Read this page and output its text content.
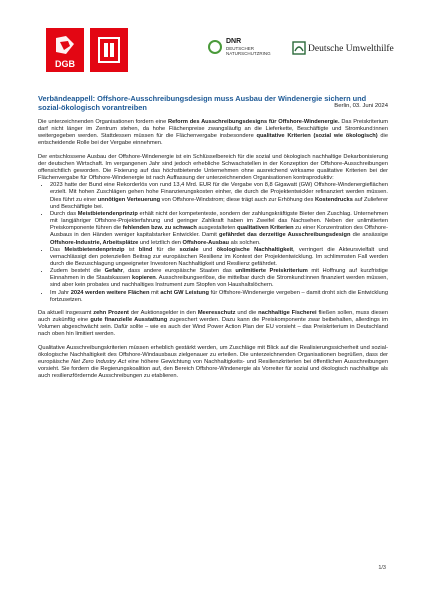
DGB
DNR
DEUTSCHER NATURSCHUTZRING	Deutsche Umwelthilfe
Verbändeappell: Offshore-Ausschreibungsdesign muss Ausbau der Windenergie sichern und sozial-ökologisch vorantreiben	Berlin, 03. Juni 2024

Die unterzeichnenden Organisationen fordern eine Reform des Ausschreibungsdesigns für Offshore-Windenergie. Das Preiskriterium darf nicht länger im Zentrum stehen, da hohe Flächenpreise zwangsläufig an die Lieferkette, Beschäftigte und Stromkund:innen weitergegeben werden. Stattdessen müssen für die Flächenvergabe insbesondere qualitative Kriterien (sozial wie ökologisch) die entscheidende Rolle bei der Vergabe einnehmen.

Der entschlossene Ausbau der Offshore-Windenergie ist ein Schlüsselbereich für die sozial und ökologisch nachhaltige Dekarbonisierung der deutschen Wirtschaft. Im vergangenen Jahr sind jedoch erhebliche Schwachstellen in der Konzeption der Offshore-Ausschreibungen offensichtlich geworden. Die Fixierung auf das höchstbietende Unternehmen ohne ausreichend wirksame qualitative Kriterien bei der Flächenvergabe für Offshore-Windenergie ist nach Auffassung der unterzeichnenden Organisationen kontraproduktiv:

• 2023 hatte der Bund eine Rekorderlös von rund 13,4 Mrd. EUR für die Vergabe von 8,8 Gigawatt (GW) Offshore-Windenergieflächen erzielt. Mit hohen Zuschlägen gehen hohe Finanzierungskosten einher, die durch die Projektentwickler refinanziert werden müssen. Dies führt zu einer unnötigen Verteuerung von Offshore-Windstrom; diese trägt auch zur Erhöhung des Kostendrucks auf Zulieferer und Beschäftigte bei.
• Durch das Meistbietendenprinzip erhält nicht der kompetenteste, sondern der zahlungskräftigste Bieter den Zuschlag. Unternehmen mit langjähriger Offshore-Projekterfahrung und geringer Zahlkraft haben im Zweifel das Nachsehen. Neben der unlimitierten Preiskomponente führen die fehlenden bzw. zu schwach ausgestalteten qualitativen Kriterien zu einer Konzentration des Offshore-Ausbaus in den Händen weniger kapitalstarker Entwickler. Damit gefährdet das derzeitige Ausschreibungsdesign die ansässige Offshore-Industrie, Arbeitsplätze und letztlich den Offshore-Ausbau als solchen.
• Das Meistbietendenprinzip ist blind für die soziale und ökologische Nachhaltigkeit, verringert die Akteursvielfalt und vernachlässigt den potenziellen Beitrag zur europäischen Resilienz im Kontext der Projektentwicklung. Im schlimmsten Fall werden durch die Bezuschlagung ungeeigneter Investoren Nachhaltigkeit und Resilienz gefährdet.
• Zudem besteht die Gefahr, dass andere europäische Staaten das unlimitierte Preiskriterium mit Hoffnung auf kurzfristige Einnahmen in die Staatskassen kopieren. Ausschreibungserlöse, die mittelbar durch die Stromkund:innen finanziert werden müssen, sind aber kein probates und nachhaltiges Instrument zum Stopfen von Haushaltslöchern.
• Im Jahr 2024 werden weitere Flächen mit acht GW Leistung für Offshore-Windenergie vergeben – damit droht sich die Entwicklung fortzusetzen.

Da aktuell insgesamt zehn Prozent der Auktionsgelder in den Meeresschutz und die nachhaltige Fischerei fließen sollen, muss diesen auch zukünftig eine gute finanzielle Ausstattung zugeschert werden. Dazu kann die Preiskomponente zwar beibehalten, allerdings im Volumen abgeschwächt sein. Dafür sollte – wie es auch der Wind Power Action Plan der EU vorsieht – das Preiskriterium in Deutschland nach oben hin limitiert werden.

Qualitative Ausschreibungskriterien müssen erheblich gestärkt werden, um Zuschläge mit Blick auf die Realisierungssicherheit und sozial-ökologische Nachhaltigkeit des Offshore-Windausbaus zielgenauer zu erteilen. Die unterzeichnenden Organisationen begrüßen, dass der europäische Net Zero Industry Act eine höhere Gewichtung von Nachhaltigkeits- und Resilienzkriterien bei öffentlichen Ausschreibungen vorsieht. Sie fordern die Regierungskoalition auf, den Bereich Offshore-Windenergie als Vorreiter für sozial und ökologisch nachhaltige als auch resilienzfördernde Ausschreibungen zu etablieren.

1/3
